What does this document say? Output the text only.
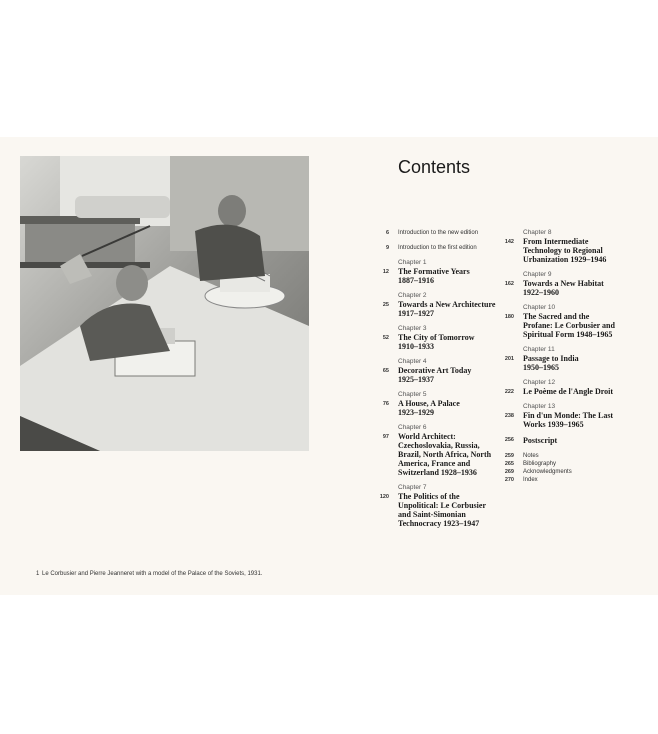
1 Le Corbusier and Pierre Jeanneret with a model of the Palace of the Soviets, 1931.
Contents
6 Introduction to the new edition
9 Introduction to the first edition
12
Chapter 1
The Formative Years
1887–1916
25
Chapter 2
Towards a New Architecture
1917–1927
52
Chapter 3
The City of Tomorrow
1910–1933
65
Chapter 4
Decorative Art Today
1925–1937
76
Chapter 5
A House, A Palace
1923–1929
97
Chapter 6
World Architect:
Czechoslovakia, Russia,
Brazil, North Africa, North
America, France and
Switzerland 1928–1936
120
Chapter 7
The Politics of the
Unpolitical: Le Corbusier
and Saint-Simonian
Technocracy 1923–1947
142
Chapter 8
From Intermediate
Technology to Regional
Urbanization 1929–1946
162
Chapter 9
Towards a New Habitat
1922–1960
180
Chapter 10
The Sacred and the
Profane: Le Corbusier and
Spiritual Form 1948–1965
201
Chapter 11
Passage to India
1950–1965
222
Chapter 12
Le Poème de l'Angle Droit
238
Chapter 13
Fin d'un Monde: The Last
Works 1939–1965
256 Postscript
259 Notes
265 Bibliography
269 Acknowledgments
270 Index
